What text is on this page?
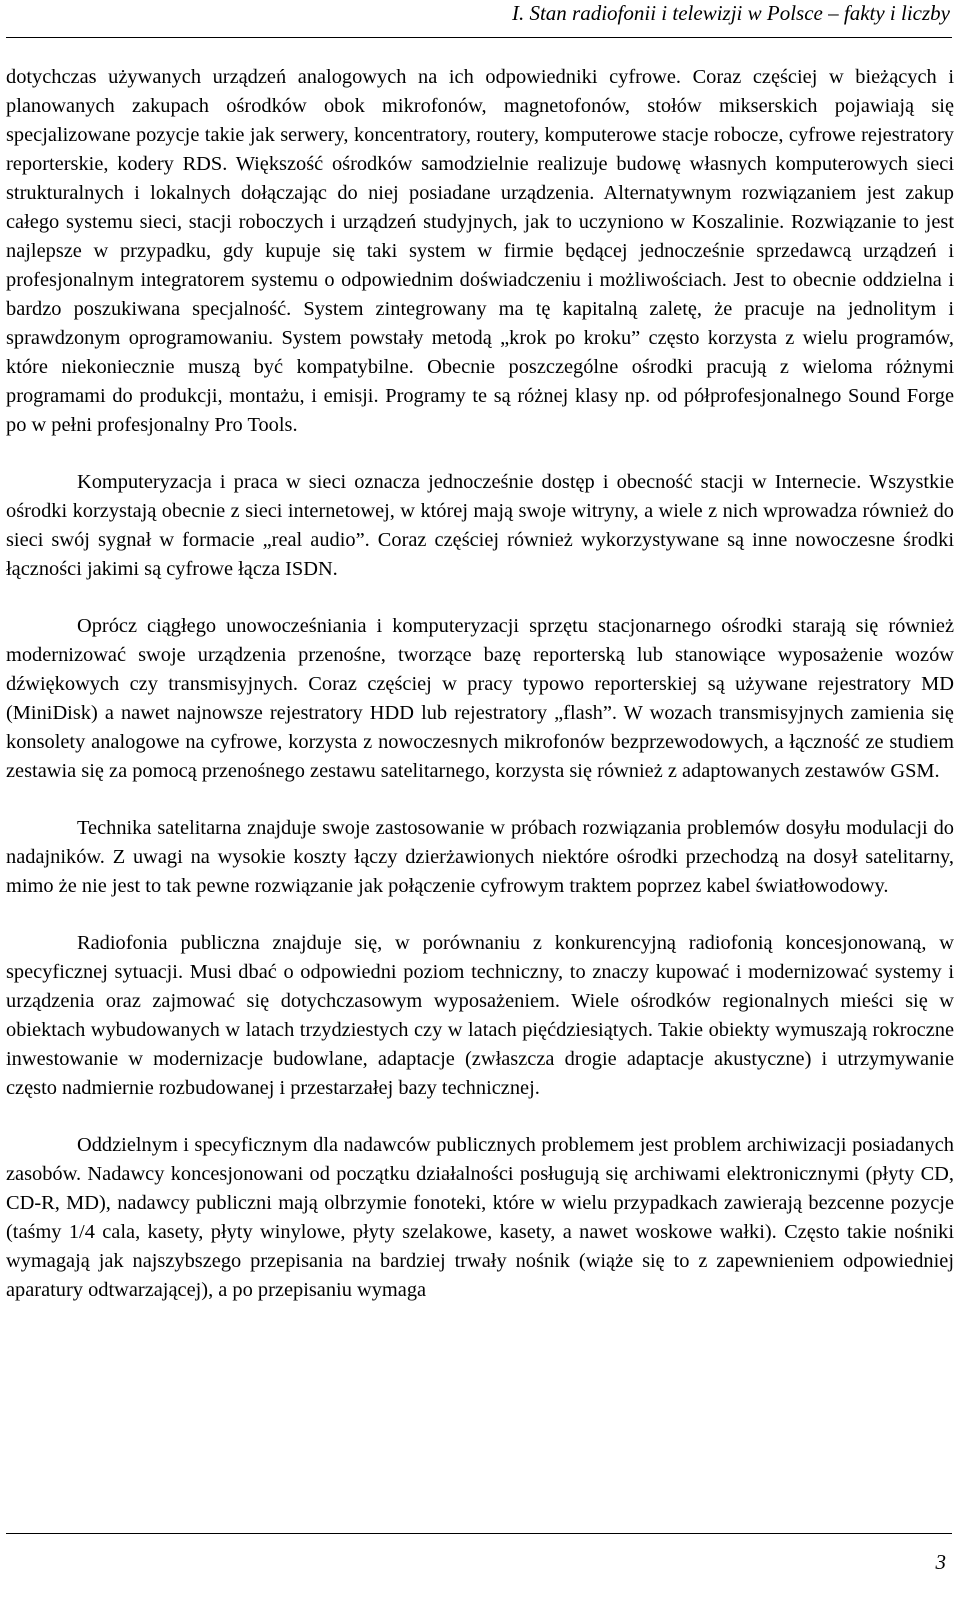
I. Stan radiofonii i telewizji w Polsce – fakty i liczby

dotychczas używanych urządzeń analogowych na ich odpowiedniki cyfrowe. Coraz częściej w bieżących i planowanych zakupach ośrodków obok mikrofonów, magnetofonów, stołów mikserskich pojawiają się specjalizowane pozycje takie jak serwery, koncentratory, routery, komputerowe stacje robocze, cyfrowe rejestratory reporterskie, kodery RDS. Większość ośrodków samodzielnie realizuje budowę własnych komputerowych sieci strukturalnych i lokalnych dołączając do niej posiadane urządzenia. Alternatywnym rozwiązaniem jest zakup całego systemu sieci, stacji roboczych i urządzeń studyjnych, jak to uczyniono w Koszalinie. Rozwiązanie to jest najlepsze w przypadku, gdy kupuje się taki system w firmie będącej jednocześnie sprzedawcą urządzeń i profesjonalnym integratorem systemu o odpowiednim doświadczeniu i możliwościach. Jest to obecnie oddzielna i bardzo poszukiwana specjalność. System zintegrowany ma tę kapitalną zaletę, że pracuje na jednolitym i sprawdzonym oprogramowaniu. System powstały metodą „krok po kroku” często korzysta z wielu programów, które niekoniecznie muszą być kompatybilne. Obecnie poszczególne ośrodki pracują z wieloma różnymi programami do produkcji, montażu, i emisji. Programy te są różnej klasy np. od półprofesjonalnego Sound Forge po w pełni profesjonalny Pro Tools.

Komputeryzacja i praca w sieci oznacza jednocześnie dostęp i obecność stacji w Internecie. Wszystkie ośrodki korzystają obecnie z sieci internetowej, w której mają swoje witryny, a wiele z nich wprowadza również do sieci swój sygnał w formacie „real audio”. Coraz częściej również wykorzystywane są inne nowoczesne środki łączności jakimi są cyfrowe łącza ISDN.

Oprócz ciągłego unowocześniania i komputeryzacji sprzętu stacjonarnego ośrodki starają się również modernizować swoje urządzenia przenośne, tworzące bazę reporterską lub stanowiące wyposażenie wozów dźwiękowych czy transmisyjnych. Coraz częściej w pracy typowo reporterskiej są używane rejestratory MD (MiniDisk) a nawet najnowsze rejestratory HDD lub rejestratory „flash”. W wozach transmisyjnych zamienia się konsolety analogowe na cyfrowe, korzysta z nowoczesnych mikrofonów bezprzewodowych, a łączność ze studiem zestawia się za pomocą przenośnego zestawu satelitarnego, korzysta się również z adaptowanych zestawów GSM.

Technika satelitarna znajduje swoje zastosowanie w próbach rozwiązania problemów dosyłu modulacji do nadajników. Z uwagi na wysokie koszty łączy dzierżawionych niektóre ośrodki przechodzą na dosył satelitarny, mimo że nie jest to tak pewne rozwiązanie jak połączenie cyfrowym traktem poprzez kabel światłowodowy.

Radiofonia publiczna znajduje się, w porównaniu z konkurencyjną radiofonią koncesjonowaną, w specyficznej sytuacji. Musi dbać o odpowiedni poziom techniczny, to znaczy kupować i modernizować systemy i urządzenia oraz zajmować się dotychczasowym wyposażeniem. Wiele ośrodków regionalnych mieści się w obiektach wybudowanych w latach trzydziestych czy w latach pięćdziesiątych. Takie obiekty wymuszają rokroczne inwestowanie w modernizacje budowlane, adaptacje (zwłaszcza drogie adaptacje akustyczne) i utrzymywanie często nadmiernie rozbudowanej i przestarzałej bazy technicznej.

Oddzielnym i specyficznym dla nadawców publicznych problemem jest problem archiwizacji posiadanych zasobów. Nadawcy koncesjonowani od początku działalności posługują się archiwami elektronicznymi (płyty CD, CD-R, MD), nadawcy publiczni mają olbrzymie fonoteki, które w wielu przypadkach zawierają bezcenne pozycje (taśmy 1/4 cala, kasety, płyty winylowe, płyty szelakowe, kasety, a nawet woskowe wałki). Często takie nośniki wymagają jak najszybszego przepisania na bardziej trwały nośnik (wiąże się to z zapewnieniem odpowiedniej aparatury odtwarzającej), a po przepisaniu wymaga

3
